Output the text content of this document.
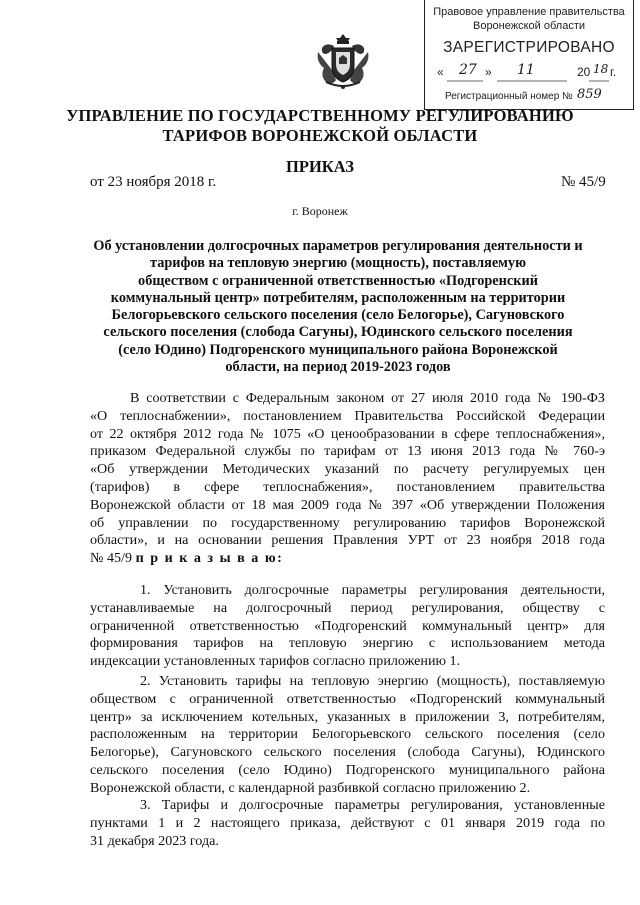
Правовое управление правительства
Воронежской области
ЗАРЕГИСТРИРОВАНО
« 27 » 11	20 18 г.
Регистрационный номер № 859
УПРАВЛЕНИЕ ПО ГОСУДАРСТВЕННОМУ РЕГУЛИРОВАНИЮ
ТАРИФОВ ВОРОНЕЖСКОЙ ОБЛАСТИ
ПРИКАЗ
от 23 ноября 2018 г.	№ 45/9
г. Воронеж
Об установлении долгосрочных параметров регулирования деятельности и
тарифов на тепловую энергию (мощность), поставляемую
обществом с ограниченной ответственностью «Подгоренский
коммунальный центр» потребителям, расположенным на территории
Белогорьевского сельского поселения (село Белогорье), Сагуновского
сельского поселения (слобода Сагуны), Юдинского сельского поселения
(село Юдино) Подгоренского муниципального района Воронежской
области, на период 2019-2023 годов
В соответствии с Федеральным законом от 27 июля 2010 года № 190-ФЗ
«О теплоснабжении», постановлением Правительства Российской Федерации
от 22 октября 2012 года № 1075 «О ценообразовании в сфере теплоснабжения»,
приказом Федеральной службы по тарифам от 13 июня 2013 года № 760-э
«Об утверждении Методических указаний по расчету регулируемых цен
(тарифов) в сфере теплоснабжения», постановлением правительства
Воронежской области от 18 мая 2009 года № 397 «Об утверждении Положения
об управлении по государственному регулированию тарифов Воронежской
области», и на основании решения Правления УРТ от 23 ноября 2018 года
№ 45/9 п р и к а з ы в а ю:
1. Установить долгосрочные параметры регулирования деятельности,
устанавливаемые на долгосрочный период регулирования, обществу с
ограниченной ответственностью «Подгоренский коммунальный центр» для
формирования тарифов на тепловую энергию с использованием метода
индексации установленных тарифов согласно приложению 1.
2. Установить тарифы на тепловую энергию (мощность), поставляемую
обществом с ограниченной ответственностью «Подгоренский коммунальный
центр» за исключением котельных, указанных в приложении 3, потребителям,
расположенным на территории Белогорьевского сельского поселения (село
Белогорье), Сагуновского сельского поселения (слобода Сагуны), Юдинского
сельского поселения (село Юдино) Подгоренского муниципального района
Воронежской области, с календарной разбивкой согласно приложению 2.
3. Тарифы и долгосрочные параметры регулирования, установленные
пунктами 1 и 2 настоящего приказа, действуют с 01 января 2019 года по
31 декабря 2023 года.
